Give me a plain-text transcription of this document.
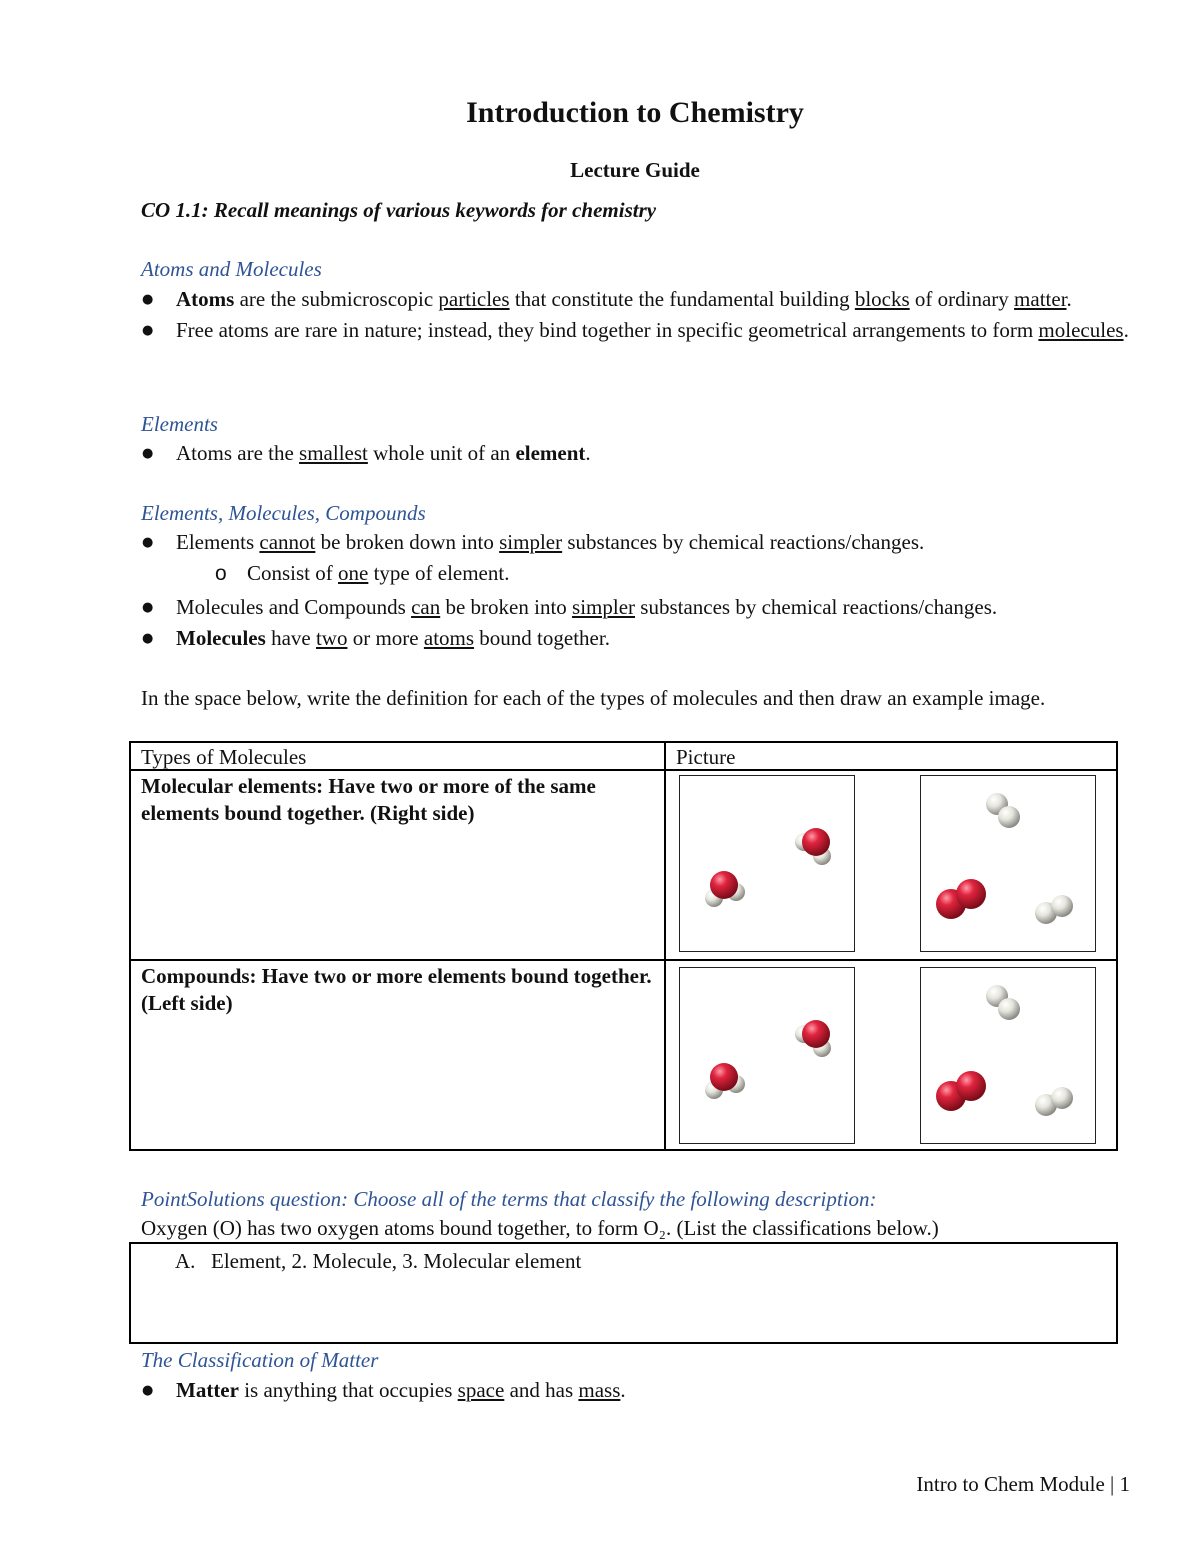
Introduction to Chemistry
Lecture Guide
CO 1.1: Recall meanings of various keywords for chemistry
Atoms and Molecules
● Atoms are the submicroscopic particles that constitute the fundamental building blocks of ordinary matter.
● Free atoms are rare in nature; instead, they bind together in specific geometrical arrangements to form molecules.
Elements
● Atoms are the smallest whole unit of an element.
Elements, Molecules, Compounds
● Elements cannot be broken down into simpler substances by chemical reactions/changes.
o Consist of one type of element.
● Molecules and Compounds can be broken into simpler substances by chemical reactions/changes.
● Molecules have two or more atoms bound together.
In the space below, write the definition for each of the types of molecules and then draw an example image.
Types of Molecules	Picture
Molecular elements: Have two or more of the same elements bound together. (Right side)	
Compounds: Have two or more elements bound together. (Left side)	
PointSolutions question: Choose all of the terms that classify the following description:
Oxygen (O) has two oxygen atoms bound together, to form O₂. (List the classifications below.)
A. Element, 2. Molecule, 3. Molecular element
The Classification of Matter
● Matter is anything that occupies space and has mass.
Intro to Chem Module | 1
